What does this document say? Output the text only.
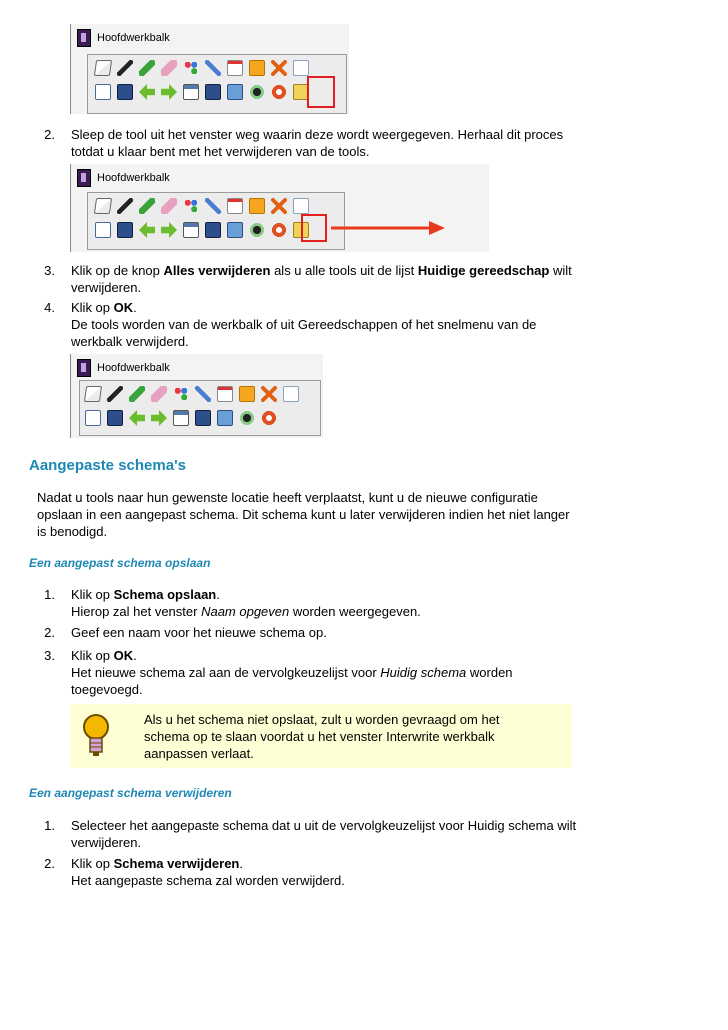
Hoofdwerkbalk
2. Sleep de tool uit het venster weg waarin deze wordt weergegeven. Herhaal dit proces
totdat u klaar bent met het verwijderen van de tools.
Hoofdwerkbalk
3. Klik op de knop Alles verwijderen als u alle tools uit de lijst Huidige gereedschap wilt
verwijderen.
4. Klik op OK.
De tools worden van de werkbalk of uit Gereedschappen of het snelmenu van de
werkbalk verwijderd.
Hoofdwerkbalk
Aangepaste schema's
Nadat u tools naar hun gewenste locatie heeft verplaatst, kunt u de nieuwe configuratie
opslaan in een aangepast schema. Dit schema kunt u later verwijderen indien het niet langer
is benodigd.
Een aangepast schema opslaan
1. Klik op Schema opslaan.
Hierop zal het venster Naam opgeven worden weergegeven.
2. Geef een naam voor het nieuwe schema op.
3. Klik op OK.
Het nieuwe schema zal aan de vervolgkeuzelijst voor Huidig schema worden
toegevoegd.
Als u het schema niet opslaat, zult u worden gevraagd om het
schema op te slaan voordat u het venster Interwrite werkbalk
aanpassen verlaat.
Een aangepast schema verwijderen
1. Selecteer het aangepaste schema dat u uit de vervolgkeuzelijst voor Huidig schema wilt
verwijderen.
2. Klik op Schema verwijderen.
Het aangepaste schema zal worden verwijderd.
